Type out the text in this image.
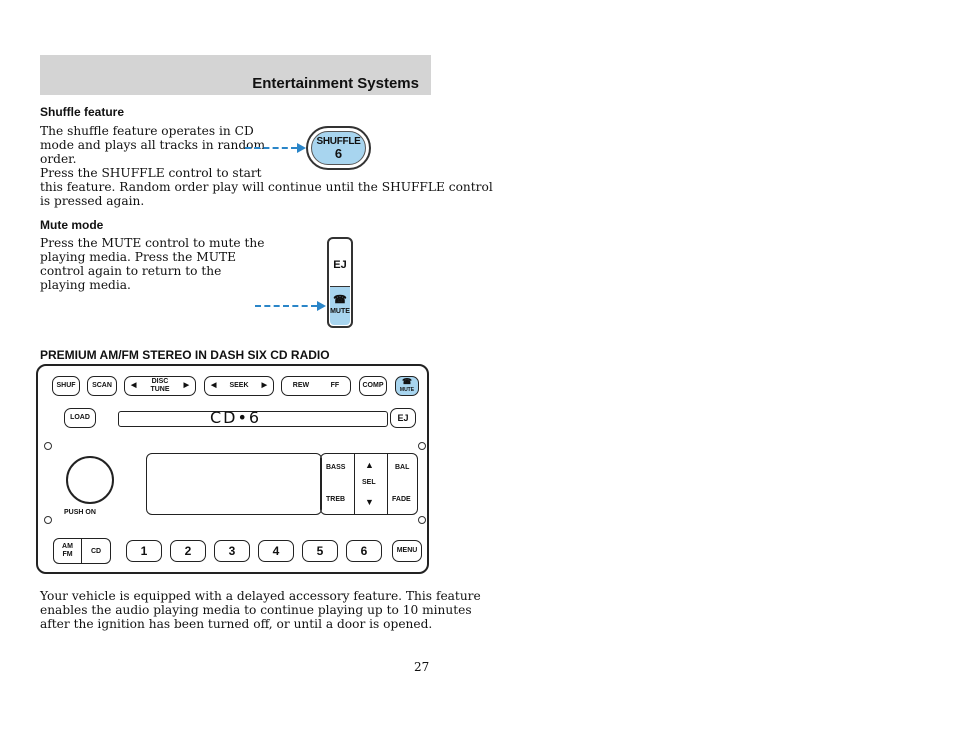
Entertainment Systems
Shuffle feature
The shuffle feature operates in CD
mode and plays all tracks in random
order.
Press the SHUFFLE control to start
this feature. Random order play will continue until the SHUFFLE control
is pressed again.
SHUFFLE
6
Mute mode
Press the MUTE control to mute the
playing media. Press the MUTE
control again to return to the
playing media.
EJ
☎
MUTE
PREMIUM AM/FM STEREO IN DASH SIX CD RADIO
SHUF	SCAN	◀
DISC
TUNE
▶	◀ SEEK ▶	REW	FF	COMP	☎
MUTE
LOAD	CD•6	EJ
PUSH ON
BASS
TREB
▲
SEL
▼
BAL
FADE
AM
FM	CD	1	2	3	4	5	6	MENU
Your vehicle is equipped with a delayed accessory feature. This feature
enables the audio playing media to continue playing up to 10 minutes
after the ignition has been turned off, or until a door is opened.
27
